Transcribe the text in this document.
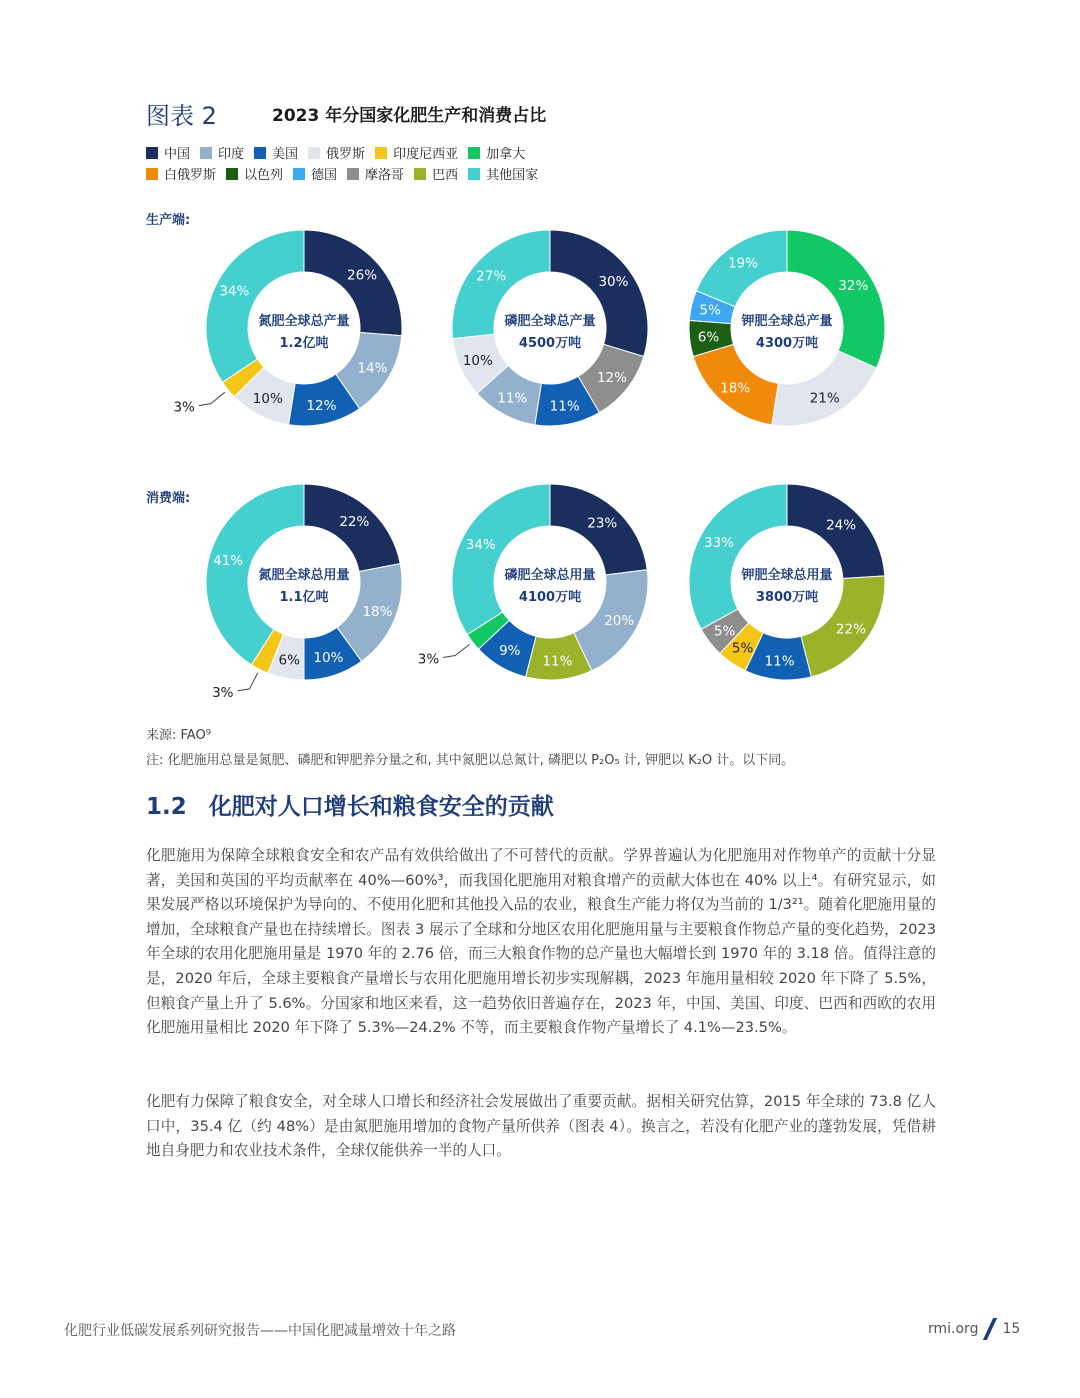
图表 2	2023 年分国家化肥生产和消费占比
中国 印度 美国 俄罗斯 印度尼西亚 加拿大
白俄罗斯 以色列 德国 摩洛哥 巴西 其他国家
生产端:
消费端:
26%
14%
12%
10%
3%
34%
氮肥全球总产量
1.2亿吨
30%
12%
11%
11%
10%
27%
磷肥全球总产量
4500万吨
32%
21%
18%
6%
5%
19%
钾肥全球总产量
4300万吨
22%
18%
10%
6%
3%
41%
氮肥全球总用量
1.1亿吨
23%
20%
11%
9%
3%
34%
磷肥全球总用量
4100万吨
24%
22%
11%
5%
5%
33%
钾肥全球总用量
3800万吨
来源: FAO⁹
注: 化肥施用总量是氮肥、磷肥和钾肥养分量之和, 其中氮肥以总氮计, 磷肥以 P₂O₅ 计, 钾肥以 K₂O 计。以下同。
1.2 化肥对人口增长和粮食安全的贡献
化肥施用为保障全球粮食安全和农产品有效供给做出了不可替代的贡献。学界普遍认为化肥施用对作物单产的贡献十分显著，美国和英国的平均贡献率在 40%—60%³，而我国化肥施用对粮食增产的贡献大体也在 40% 以上⁴。有研究显示，如果发展严格以环境保护为导向的、不使用化肥和其他投入品的农业，粮食生产能力将仅为当前的 1/3²¹。随着化肥施用量的增加，全球粮食产量也在持续增长。图表 3 展示了全球和分地区农用化肥施用量与主要粮食作物总产量的变化趋势，2023 年全球的农用化肥施用量是 1970 年的 2.76 倍，而三大粮食作物的总产量也大幅增长到 1970 年的 3.18 倍。值得注意的是，2020 年后，全球主要粮食产量增长与农用化肥施用增长初步实现解耦，2023 年施用量相较 2020 年下降了 5.5%，但粮食产量上升了 5.6%。分国家和地区来看，这一趋势依旧普遍存在，2023 年，中国、美国、印度、巴西和西欧的农用化肥施用量相比 2020 年下降了 5.3%—24.2% 不等，而主要粮食作物产量增长了 4.1%—23.5%。
化肥有力保障了粮食安全，对全球人口增长和经济社会发展做出了重要贡献。据相关研究估算，2015 年全球的 73.8 亿人口中，35.4 亿（约 48%）是由氮肥施用增加的食物产量所供养（图表 4）。换言之，若没有化肥产业的蓬勃发展，凭借耕地自身肥力和农业技术条件，全球仅能供养一半的人口。
化肥行业低碳发展系列研究报告——中国化肥减量增效十年之路	rmi.org 15
